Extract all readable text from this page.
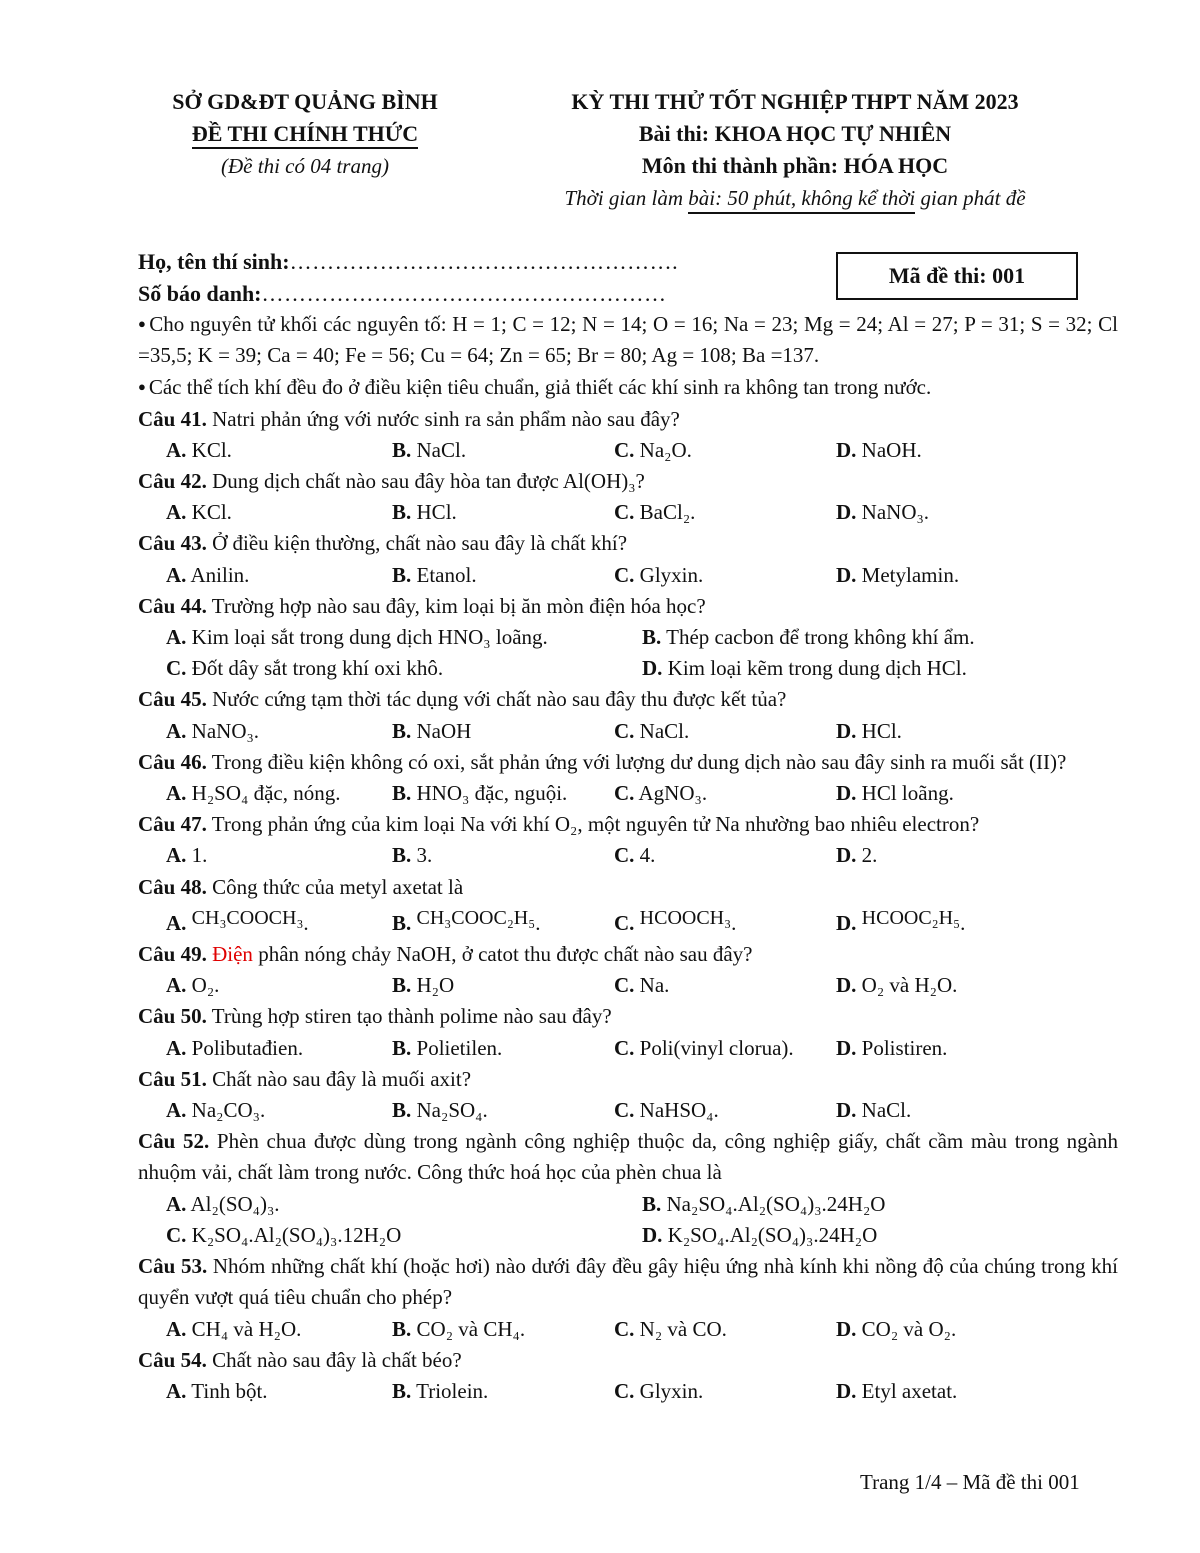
SỞ GD&ĐT QUẢNG BÌNH
ĐỀ THI CHÍNH THỨC
(Đề thi có 04 trang)
KỲ THI THỬ TỐT NGHIỆP THPT NĂM 2023
Bài thi: KHOA HỌC TỰ NHIÊN
Môn thi thành phần: HÓA HỌC
Thời gian làm bài: 50 phút, không kể thời gian phát đề
Họ, tên thí sinh:…………………………………………….
Số báo danh:………………………………………………
Mã đề thi: 001
● Cho nguyên tử khối các nguyên tố: H = 1; C = 12; N = 14; O = 16; Na = 23; Mg = 24; Al = 27; P = 31; S = 32; Cl =35,5; K = 39; Ca = 40; Fe = 56; Cu = 64; Zn = 65; Br = 80; Ag = 108; Ba =137.
● Các thể tích khí đều đo ở điều kiện tiêu chuẩn, giả thiết các khí sinh ra không tan trong nước.
Câu 41. Natri phản ứng với nước sinh ra sản phẩm nào sau đây?
A. KCl.	B. NaCl.	C. Na₂O.	D. NaOH.
Câu 42. Dung dịch chất nào sau đây hòa tan được Al(OH)₃?
A. KCl.	B. HCl.	C. BaCl₂.	D. NaNO₃.
Câu 43. Ở điều kiện thường, chất nào sau đây là chất khí?
A. Anilin.	B. Etanol.	C. Glyxin.	D. Metylamin.
Câu 44. Trường hợp nào sau đây, kim loại bị ăn mòn điện hóa học?
A. Kim loại sắt trong dung dịch HNO₃ loãng.	B. Thép cacbon để trong không khí ẩm.
C. Đốt dây sắt trong khí oxi khô.	D. Kim loại kẽm trong dung dịch HCl.
Câu 45. Nước cứng tạm thời tác dụng với chất nào sau đây thu được kết tủa?
A. NaNO₃.	B. NaOH	C. NaCl.	D. HCl.
Câu 46. Trong điều kiện không có oxi, sắt phản ứng với lượng dư dung dịch nào sau đây sinh ra muối sắt (II)?
A. H₂SO₄ đặc, nóng.	B. HNO₃ đặc, nguội.	C. AgNO₃.	D. HCl loãng.
Câu 47. Trong phản ứng của kim loại Na với khí O₂, một nguyên tử Na nhường bao nhiêu electron?
A. 1.	B. 3.	C. 4.	D. 2.
Câu 48. Công thức của metyl axetat là
A. CH₃COOCH₃.	B. CH₃COOC₂H₅.	C. HCOOCH₃.	D. HCOOC₂H₅.
Câu 49. Điện phân nóng chảy NaOH, ở catot thu được chất nào sau đây?
A. O₂.	B. H₂O	C. Na.	D. O₂ và H₂O.
Câu 50. Trùng hợp stiren tạo thành polime nào sau đây?
A. Polibutađien.	B. Polietilen.	C. Poli(vinyl clorua).	D. Polistiren.
Câu 51. Chất nào sau đây là muối axit?
A. Na₂CO₃.	B. Na₂SO₄.	C. NaHSO₄.	D. NaCl.
Câu 52. Phèn chua được dùng trong ngành công nghiệp thuộc da, công nghiệp giấy, chất cầm màu trong ngành nhuộm vải, chất làm trong nước. Công thức hoá học của phèn chua là
A. Al₂(SO₄)₃.	B. Na₂SO₄.Al₂(SO₄)₃.24H₂O
C. K₂SO₄.Al₂(SO₄)₃.12H₂O	D. K₂SO₄.Al₂(SO₄)₃.24H₂O
Câu 53. Nhóm những chất khí (hoặc hơi) nào dưới đây đều gây hiệu ứng nhà kính khi nồng độ của chúng trong khí quyển vượt quá tiêu chuẩn cho phép?
A. CH₄ và H₂O.	B. CO₂ và CH₄.	C. N₂ và CO.	D. CO₂ và O₂.
Câu 54. Chất nào sau đây là chất béo?
A. Tinh bột.	B. Triolein.	C. Glyxin.	D. Etyl axetat.
Trang 1/4 – Mã đề thi 001
